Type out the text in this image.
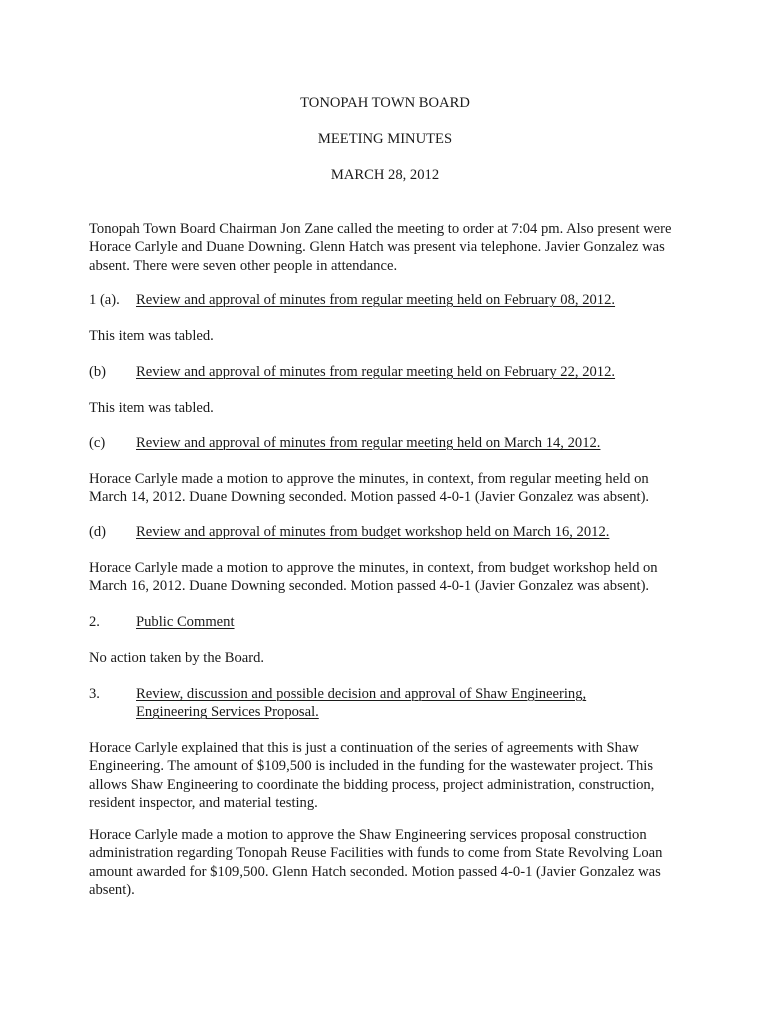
TONOPAH TOWN BOARD
MEETING MINUTES
MARCH 28, 2012
Tonopah Town Board Chairman Jon Zane called the meeting to order at 7:04 pm. Also present were Horace Carlyle and Duane Downing. Glenn Hatch was present via telephone. Javier Gonzalez was absent. There were seven other people in attendance.
1 (a). Review and approval of minutes from regular meeting held on February 08, 2012.
This item was tabled.
(b) Review and approval of minutes from regular meeting held on February 22, 2012.
This item was tabled.
(c) Review and approval of minutes from regular meeting held on March 14, 2012.
Horace Carlyle made a motion to approve the minutes, in context, from regular meeting held on March 14, 2012. Duane Downing seconded. Motion passed 4-0-1 (Javier Gonzalez was absent).
(d) Review and approval of minutes from budget workshop held on March 16, 2012.
Horace Carlyle made a motion to approve the minutes, in context, from budget workshop held on March 16, 2012. Duane Downing seconded. Motion passed 4-0-1 (Javier Gonzalez was absent).
2. Public Comment
No action taken by the Board.
3. Review, discussion and possible decision and approval of Shaw Engineering, Engineering Services Proposal.
Horace Carlyle explained that this is just a continuation of the series of agreements with Shaw Engineering. The amount of $109,500 is included in the funding for the wastewater project. This allows Shaw Engineering to coordinate the bidding process, project administration, construction, resident inspector, and material testing.
Horace Carlyle made a motion to approve the Shaw Engineering services proposal construction administration regarding Tonopah Reuse Facilities with funds to come from State Revolving Loan amount awarded for $109,500. Glenn Hatch seconded. Motion passed 4-0-1 (Javier Gonzalez was absent).
